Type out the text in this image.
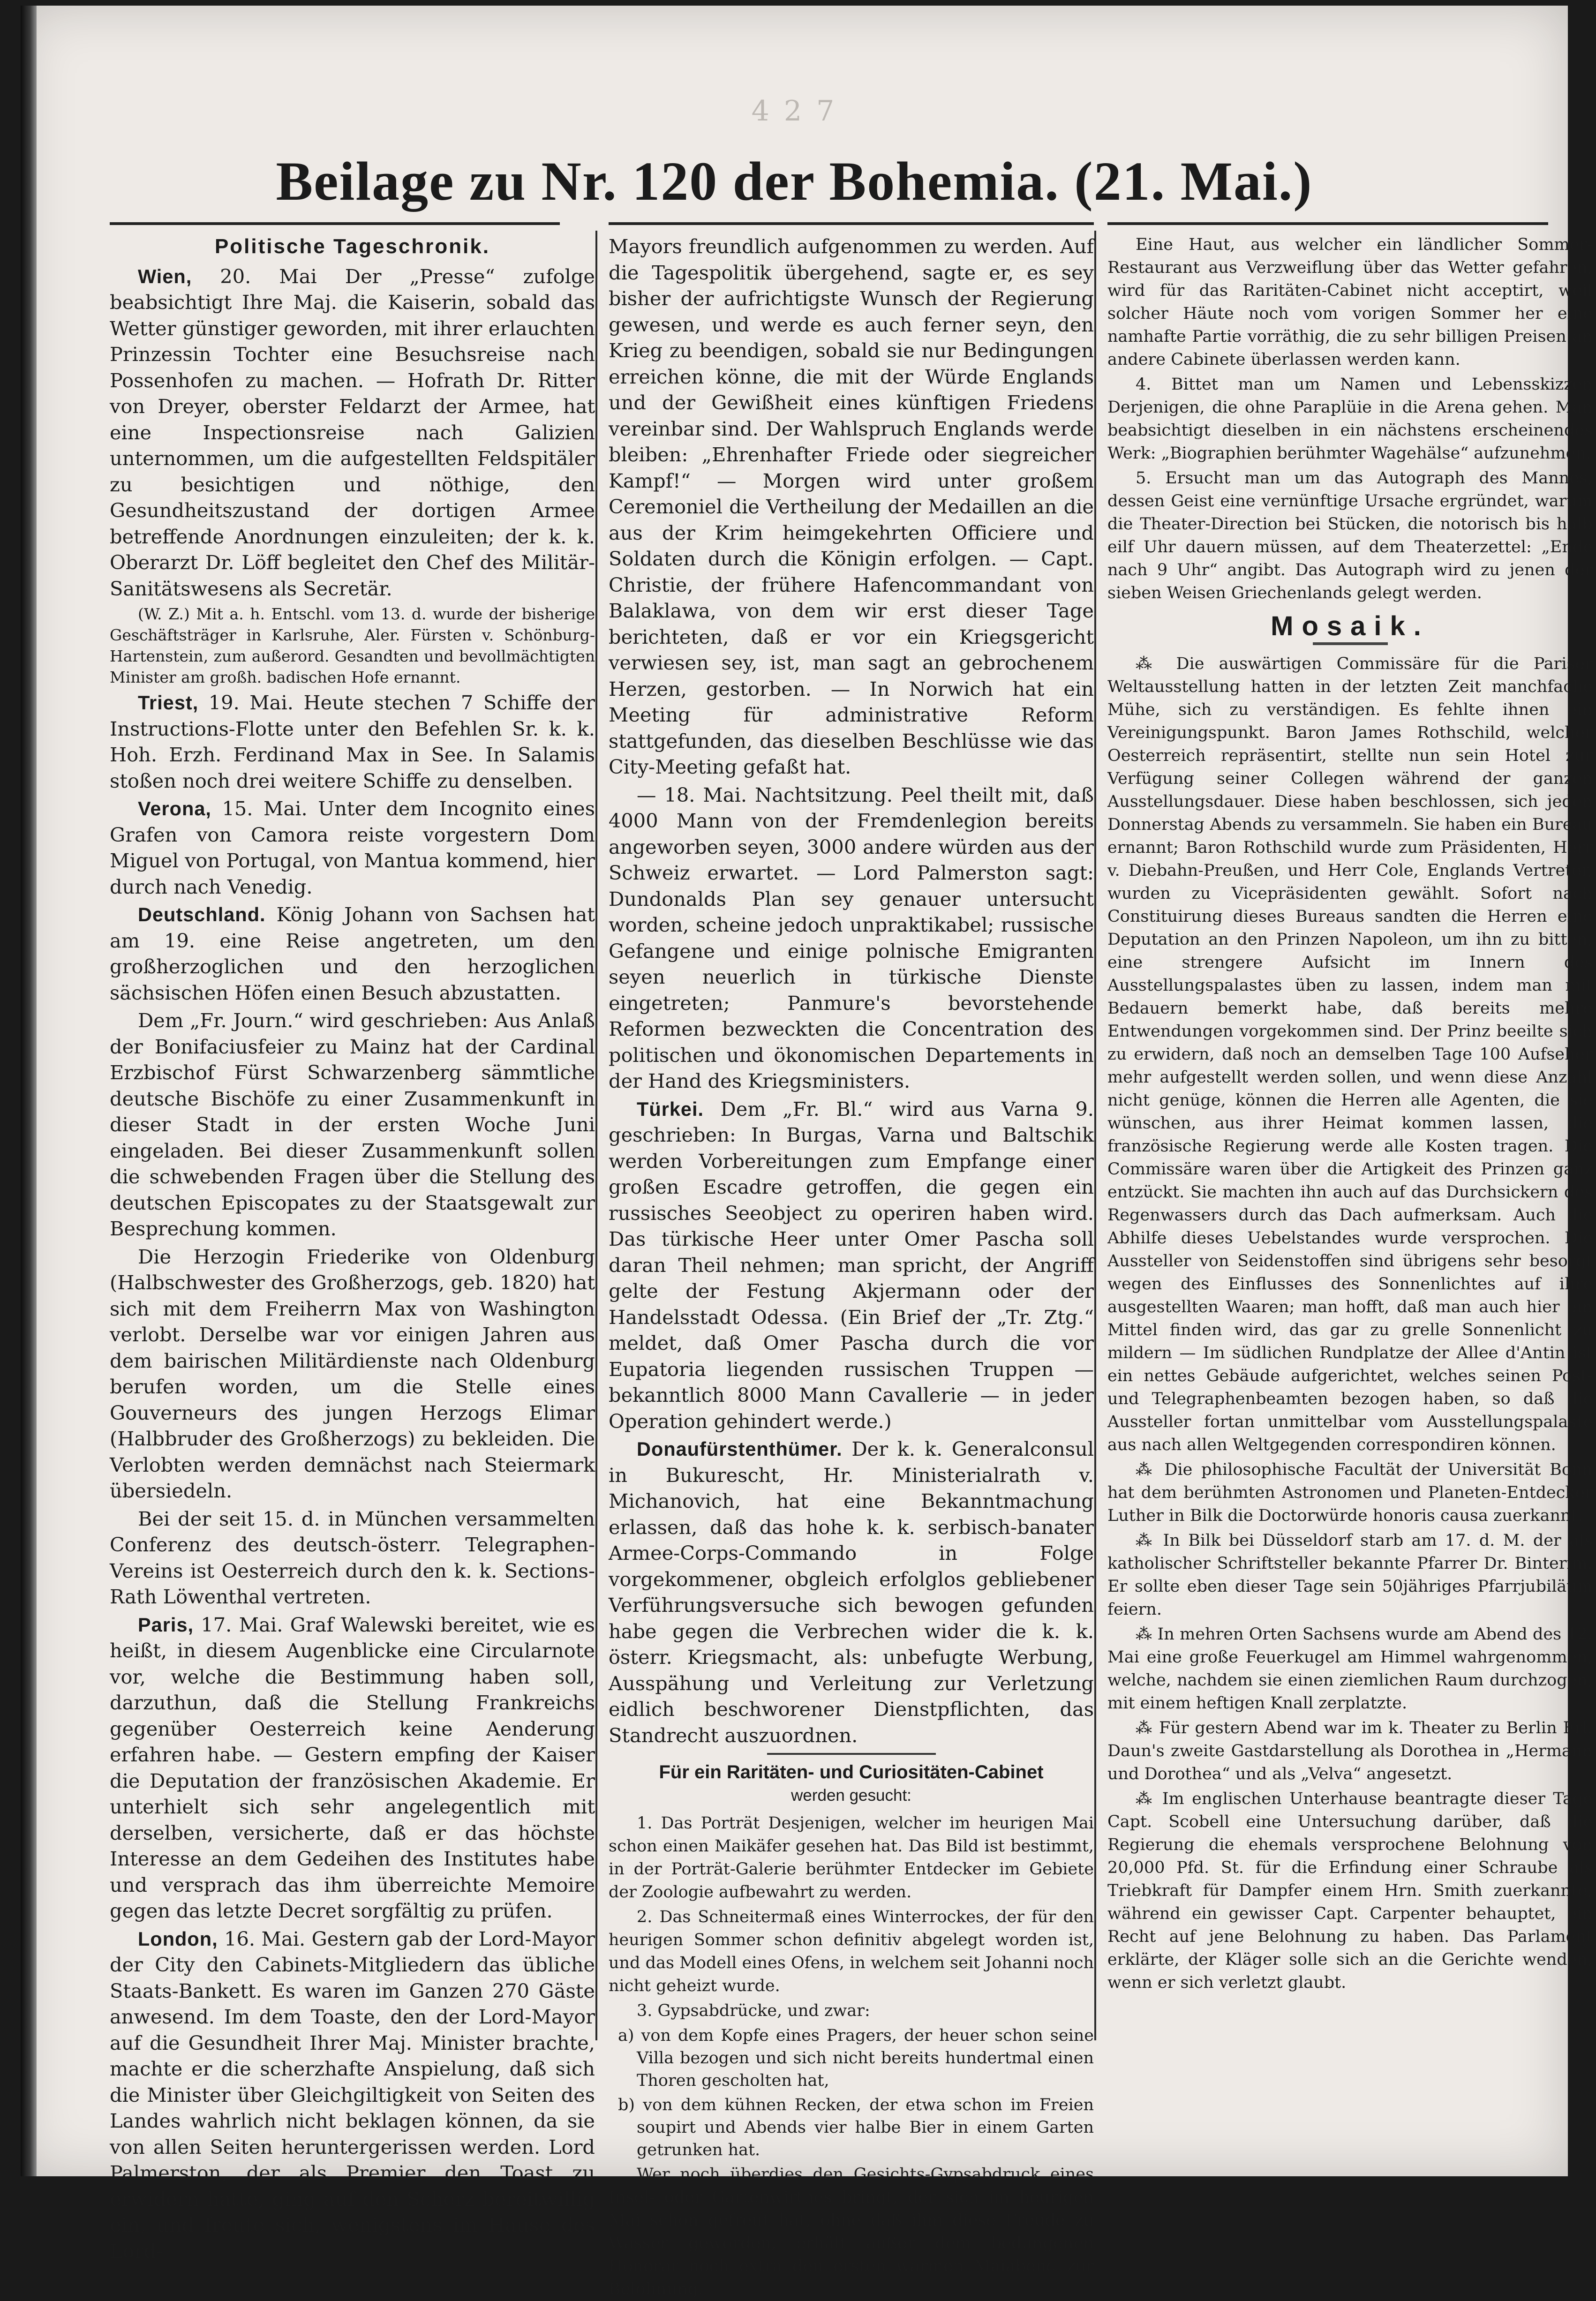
4 2 7
Beilage zu Nr. 120 der Bohemia. (21. Mai.)
Politische Tageschronik.

Wien, 20. Mai Der „Presse“ zufolge beabsichtigt Ihre Maj. die Kaiserin, sobald das Wetter günstiger geworden, mit ihrer erlauchten Prinzessin Tochter eine Besuchsreise nach Possenhofen zu machen. — Hofrath Dr. Ritter von Dreyer, oberster Feldarzt der Armee, hat eine Inspectionsreise nach Galizien unternommen, um die aufgestellten Feldspitäler zu besichtigen und nöthige, den Gesundheitszustand der dortigen Armee betreffende Anordnungen einzuleiten; der k. k. Oberarzt Dr. Löff begleitet den Chef des Militär-Sanitätswesens als Secretär.

(W. Z.) Mit a. h. Entschl. vom 13. d. wurde der bisherige Geschäftsträger in Karlsruhe, Aler. Fürsten v. Schönburg-Hartenstein, zum außerord. Gesandten und bevollmächtigten Minister am großh. badischen Hofe ernannt.

Triest, 19. Mai. Heute stechen 7 Schiffe der Instructions-Flotte unter den Befehlen Sr. k. k. Hoh. Erzh. Ferdinand Max in See. In Salamis stoßen noch drei weitere Schiffe zu denselben.

Verona, 15. Mai. Unter dem Incognito eines Grafen von Camora reiste vorgestern Dom Miguel von Portugal, von Mantua kommend, hier durch nach Venedig.

Deutschland. König Johann von Sachsen hat am 19. eine Reise angetreten, um den großherzoglichen und den herzoglichen sächsischen Höfen einen Besuch abzustatten.

Dem „Fr. Journ.“ wird geschrieben: Aus Anlaß der Bonifaciusfeier zu Mainz hat der Cardinal Erzbischof Fürst Schwarzenberg sämmtliche deutsche Bischöfe zu einer Zusammenkunft in dieser Stadt in der ersten Woche Juni eingeladen. Bei dieser Zusammenkunft sollen die schwebenden Fragen über die Stellung des deutschen Episcopates zu der Staatsgewalt zur Besprechung kommen.

Die Herzogin Friederike von Oldenburg (Halbschwester des Großherzogs, geb. 1820) hat sich mit dem Freiherrn Max von Washington verlobt. Derselbe war vor einigen Jahren aus dem bairischen Militärdienste nach Oldenburg berufen worden, um die Stelle eines Gouverneurs des jungen Herzogs Elimar (Halbbruder des Großherzogs) zu bekleiden. Die Verlobten werden demnächst nach Steiermark übersiedeln.

Bei der seit 15. d. in München versammelten Conferenz des deutsch-österr. Telegraphen-Vereins ist Oesterreich durch den k. k. Sections-Rath Löwenthal vertreten.

Paris, 17. Mai. Graf Walewski bereitet, wie es heißt, in diesem Augenblicke eine Circularnote vor, welche die Bestimmung haben soll, darzuthun, daß die Stellung Frankreichs gegenüber Oesterreich keine Aenderung erfahren habe. — Gestern empfing der Kaiser die Deputation der französischen Akademie. Er unterhielt sich sehr angelegentlich mit derselben, versicherte, daß er das höchste Interesse an dem Gedeihen des Institutes habe und versprach das ihm überreichte Memoire gegen das letzte Decret sorgfältig zu prüfen.

London, 16. Mai. Gestern gab der Lord-Mayor der City den Cabinets-Mitgliedern das übliche Staats-Bankett. Es waren im Ganzen 270 Gäste anwesend. Im dem Toaste, den der Lord-Mayor auf die Gesundheit Ihrer Maj. Minister brachte, machte er die scherzhafte Anspielung, daß sich die Minister über Gleichgiltigkeit von Seiten des Landes wahrlich nicht beklagen können, da sie von allen Seiten heruntergerissen werden. Lord Palmerston, der als Premier den Toast zu erwidern hatte, ging auf den Scherz bereitwillig ein, und freute sich, wenigstens im Hause des Lord-

Mayors freundlich aufgenommen zu werden. Auf die Tagespolitik übergehend, sagte er, es sey bisher der aufrichtigste Wunsch der Regierung gewesen, und werde es auch ferner seyn, den Krieg zu beendigen, sobald sie nur Bedingungen erreichen könne, die mit der Würde Englands und der Gewißheit eines künftigen Friedens vereinbar sind. Der Wahlspruch Englands werde bleiben: „Ehrenhafter Friede oder siegreicher Kampf!“ — Morgen wird unter großem Ceremoniel die Vertheilung der Medaillen an die aus der Krim heimgekehrten Officiere und Soldaten durch die Königin erfolgen. — Capt. Christie, der frühere Hafencommandant von Balaklawa, von dem wir erst dieser Tage berichteten, daß er vor ein Kriegsgericht verwiesen sey, ist, man sagt an gebrochenem Herzen, gestorben. — In Norwich hat ein Meeting für administrative Reform stattgefunden, das dieselben Beschlüsse wie das City-Meeting gefaßt hat.

— 18. Mai. Nachtsitzung. Peel theilt mit, daß 4000 Mann von der Fremdenlegion bereits angeworben seyen, 3000 andere würden aus der Schweiz erwartet. — Lord Palmerston sagt: Dundonalds Plan sey genauer untersucht worden, scheine jedoch unpraktikabel; russische Gefangene und einige polnische Emigranten seyen neuerlich in türkische Dienste eingetreten; Panmure's bevorstehende Reformen bezweckten die Concentration des politischen und ökonomischen Departements in der Hand des Kriegsministers.

Türkei. Dem „Fr. Bl.“ wird aus Varna 9. geschrieben: In Burgas, Varna und Baltschik werden Vorbereitungen zum Empfange einer großen Escadre getroffen, die gegen ein russisches Seeobject zu operiren haben wird. Das türkische Heer unter Omer Pascha soll daran Theil nehmen; man spricht, der Angriff gelte der Festung Akjermann oder der Handelsstadt Odessa. (Ein Brief der „Tr. Ztg.“ meldet, daß Omer Pascha durch die vor Eupatoria liegenden russischen Truppen — bekanntlich 8000 Mann Cavallerie — in jeder Operation gehindert werde.)

Donaufürstenthümer. Der k. k. Generalconsul in Bukurescht, Hr. Ministerialrath v. Michanovich, hat eine Bekanntmachung erlassen, daß das hohe k. k. serbisch-banater Armee-Corps-Commando in Folge vorgekommener, obgleich erfolglos gebliebener Verführungsversuche sich bewogen gefunden habe gegen die Verbrechen wider die k. k. österr. Kriegsmacht, als: unbefugte Werbung, Ausspähung und Verleitung zur Verletzung eidlich beschworener Dienstpflichten, das Standrecht auszuordnen.

Für ein Raritäten- und Curiositäten-Cabinet
werden gesucht:

1. Das Porträt Desjenigen, welcher im heurigen Mai schon einen Maikäfer gesehen hat. Das Bild ist bestimmt, in der Porträt-Galerie berühmter Entdecker im Gebiete der Zoologie aufbewahrt zu werden.

2. Das Schneitermaß eines Winterrockes, der für den heurigen Sommer schon definitiv abgelegt worden ist, und das Modell eines Ofens, in welchem seit Johanni noch nicht geheizt wurde.

3. Gypsabdrücke, und zwar:

a) von dem Kopfe eines Pragers, der heuer schon seine Villa bezogen und sich nicht bereits hundertmal einen Thoren gescholten hat,

b) von dem kühnen Recken, der etwa schon im Freien soupirt und Abends vier halbe Bier in einem Garten getrunken hat.

Wer noch überdies den Gesichts-Gypsabdruck eines Insel- oder Gartenwirthes bringt, der sich im heurigen Mai schon gefreut hat, ohne daß ihm diese Freude zu Wasser geworden, erhält außer dem bedungenen Honorar noch extra den ersten warmen Maiabend zur Belohnung.

Eine Haut, aus welcher ein ländlicher Sommer-Restaurant aus Verzweiflung über das Wetter gefahren, wird für das Raritäten-Cabinet nicht acceptirt, weil solcher Häute noch vom vorigen Sommer her eine namhafte Partie vorräthig, die zu sehr billigen Preisen an andere Cabinete überlassen werden kann.

4. Bittet man um Namen und Lebensskizzen Derjenigen, die ohne Paraplüie in die Arena gehen. Man beabsichtigt dieselben in ein nächstens erscheinendes Werk: „Biographien berühmter Wagehälse“ aufzunehmen.

5. Ersucht man um das Autograph des Mannes, dessen Geist eine vernünftige Ursache ergründet, warum die Theater-Direction bei Stücken, die notorisch bis halb eilf Uhr dauern müssen, auf dem Theaterzettel: „Ende nach 9 Uhr“ angibt. Das Autograph wird zu jenen der sieben Weisen Griechenlands gelegt werden.

Mosaik.

⁂ Die auswärtigen Commissäre für die Pariser Weltausstellung hatten in der letzten Zeit manchfache Mühe, sich zu verständigen. Es fehlte ihnen ein Vereinigungspunkt. Baron James Rothschild, welcher Oesterreich repräsentirt, stellte nun sein Hotel zur Verfügung seiner Collegen während der ganzen Ausstellungsdauer. Diese haben beschlossen, sich jeden Donnerstag Abends zu versammeln. Sie haben ein Bureau ernannt; Baron Rothschild wurde zum Präsidenten, Herr v. Diebahn-Preußen, und Herr Cole, Englands Vertreter, wurden zu Vicepräsidenten gewählt. Sofort nach Constituirung dieses Bureaus sandten die Herren eine Deputation an den Prinzen Napoleon, um ihn zu bitten, eine strengere Aufsicht im Innern des Ausstellungspalastes üben zu lassen, indem man mit Bedauern bemerkt habe, daß bereits mehre Entwendungen vorgekommen sind. Der Prinz beeilte sich zu erwidern, daß noch an demselben Tage 100 Aufseher mehr aufgestellt werden sollen, und wenn diese Anzahl nicht genüge, können die Herren alle Agenten, die sie wünschen, aus ihrer Heimat kommen lassen, die französische Regierung werde alle Kosten tragen. Die Commissäre waren über die Artigkeit des Prinzen ganz entzückt. Sie machten ihn auch auf das Durchsickern des Regenwassers durch das Dach aufmerksam. Auch die Abhilfe dieses Uebelstandes wurde versprochen. Die Aussteller von Seidenstoffen sind übrigens sehr besorgt wegen des Einflusses des Sonnenlichtes auf ihre ausgestellten Waaren; man hofft, daß man auch hier ein Mittel finden wird, das gar zu grelle Sonnenlicht zu mildern — Im südlichen Rundplatze der Allee d'Antin ist ein nettes Gebäude aufgerichtet, welches seinen Post- und Telegraphenbeamten bezogen haben, so daß die Aussteller fortan unmittelbar vom Ausstellungspalaste aus nach allen Weltgegenden correspondiren können.

⁂ Die philosophische Facultät der Universität Bonn hat dem berühmten Astronomen und Planeten-Entdecker Luther in Bilk die Doctorwürde honoris causa zuerkannt.

⁂ In Bilk bei Düsseldorf starb am 17. d. M. der als katholischer Schriftsteller bekannte Pfarrer Dr. Binterim. Er sollte eben dieser Tage sein 50jähriges Pfarrjubiläum feiern.

⁂ In mehren Orten Sachsens wurde am Abend des 12. Mai eine große Feuerkugel am Himmel wahrgenommen, welche, nachdem sie einen ziemlichen Raum durchzogen, mit einem heftigen Knall zerplatzte.

⁂ Für gestern Abend war im k. Theater zu Berlin Frl. Daun's zweite Gastdarstellung als Dorothea in „Hermann und Dorothea“ und als „Velva“ angesetzt.

⁂ Im englischen Unterhause beantragte dieser Tage Capt. Scobell eine Untersuchung darüber, daß die Regierung die ehemals versprochene Belohnung von 20,000 Pfd. St. für die Erfindung einer Schraube als Triebkraft für Dampfer einem Hrn. Smith zuerkannte, während ein gewisser Capt. Carpenter behauptet, ein Recht auf jene Belohnung zu haben. Das Parlament erklärte, der Kläger solle sich an die Gerichte wenden, wenn er sich verletzt glaubt.
